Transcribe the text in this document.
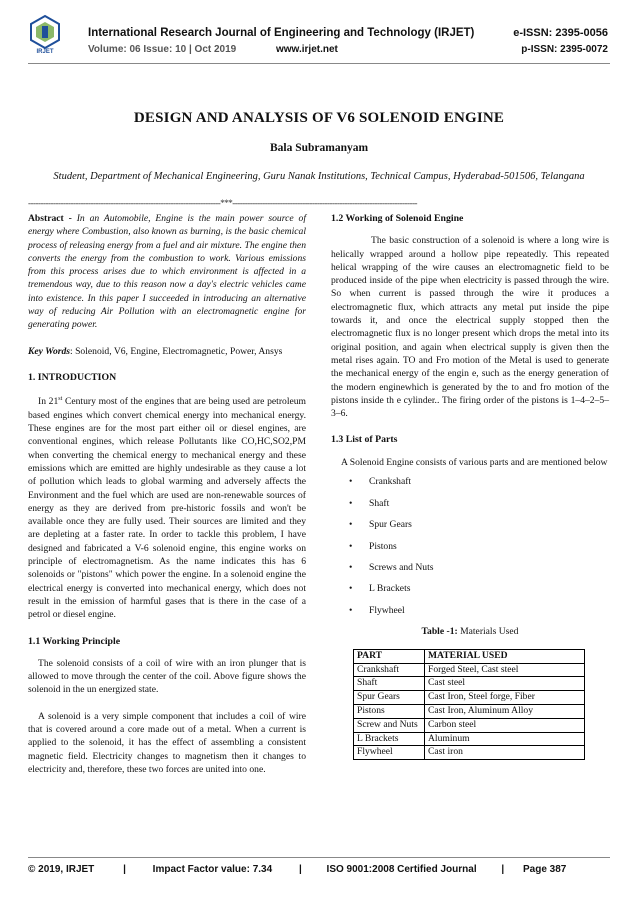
IRJET
International Research Journal of Engineering and Technology (IRJET)	e-ISSN: 2395-0056
Volume: 06 Issue: 10 | Oct 2019	www.irjet.net	p-ISSN: 2395-0072
DESIGN AND ANALYSIS OF V6 SOLENOID ENGINE
Bala Subramanyam
Student, Department of Mechanical Engineering, Guru Nanak Institutions, Technical Campus, Hyderabad-501506, Telangana
-----------------------------------------------------------------------------***--------------------------------------------------------------------------

Abstract - In an Automobile, Engine is the main power source of energy where Combustion, also known as burning, is the basic chemical process of releasing energy from a fuel and air mixture. The engine then converts the energy from the combustion to work. Various emissions from this process arises due to which environment is affected in a tremendous way, due to this reason now a day's electric vehicles came into existence. In this paper I succeeded in introducing an alternative way of reducing Air Pollution with an electromagnetic engine for generating power.

Key Words: Solenoid, V6, Engine, Electromagnetic, Power, Ansys

1. INTRODUCTION

In 21st Century most of the engines that are being used are petroleum based engines which convert chemical energy into mechanical energy. These engines are for the most part either oil or diesel engines, are conventional engines, which release Pollutants like CO,HC,SO2,PM when converting the chemical energy to mechanical energy and these emissions which are emitted are highly undesirable as they cause a lot of pollution which leads to global warming and adversely affects the Environment and the fuel which are used are non-renewable sources of energy as they are derived from pre-historic fossils and won't be available once they are fully used. Their sources are limited and they are depleting at a faster rate. In order to tackle this problem, I have designed and fabricated a V-6 solenoid engine, this engine works on principle of electromagnetism. As the name indicates this has 6 solenoids or "pistons" which power the engine. In a solenoid engine the electrical energy is converted into mechanical energy, which does not result in the emission of harmful gases that is there in the case of a petrol or diesel engine.

1.1 Working Principle

The solenoid consists of a coil of wire with an iron plunger that is allowed to move through the center of the coil. Above figure shows the solenoid in the un energized state.

A solenoid is a very simple component that includes a coil of wire that is covered around a core made out of a metal. When a current is applied to the solenoid, it has the effect of assembling a consistent magnetic field. Electricity changes to magnetism then it changes to electricity and, therefore, these two forces are united into one.

1.2 Working of Solenoid Engine

The basic construction of a solenoid is where a long wire is helically wrapped around a hollow pipe repeatedly. This repeated helical wrapping of the wire causes an electromagnetic field to be produced inside of the pipe when electricity is passed through the wire. So when current is passed through the wire it produces a electromagnetic flux, which attracts any metal put inside the pipe towards it, and once the electrical supply stopped then the electromagnetic flux is no longer present which drops the metal into its original position, and again when electrical supply is given then the metal rises again. TO and Fro motion of the Metal is used to generate the mechanical energy of the engin e, such as the energy generation of the modern enginewhich is generated by the to and fro motion of the pistons inside th e cylinder.. The firing order of the pistons is 1–4–2–5–3–6.

1.3 List of Parts

A Solenoid Engine consists of various parts and are mentioned below

• Crankshaft
• Shaft
• Spur Gears
• Pistons
• Screws and Nuts
• L Brackets
• Flywheel
Table -1: Materials Used
PART	MATERIAL USED
Crankshaft	Forged Steel, Cast steel
Shaft	Cast steel
Spur Gears	Cast Iron, Steel forge, Fiber
Pistons	Cast Iron, Aluminum Alloy
Screw and Nuts	Carbon steel
L Brackets	Aluminum
Flywheel	Cast iron
© 2019, IRJET	|	Impact Factor value: 7.34	| ISO 9001:2008 Certified Journal | Page 387
